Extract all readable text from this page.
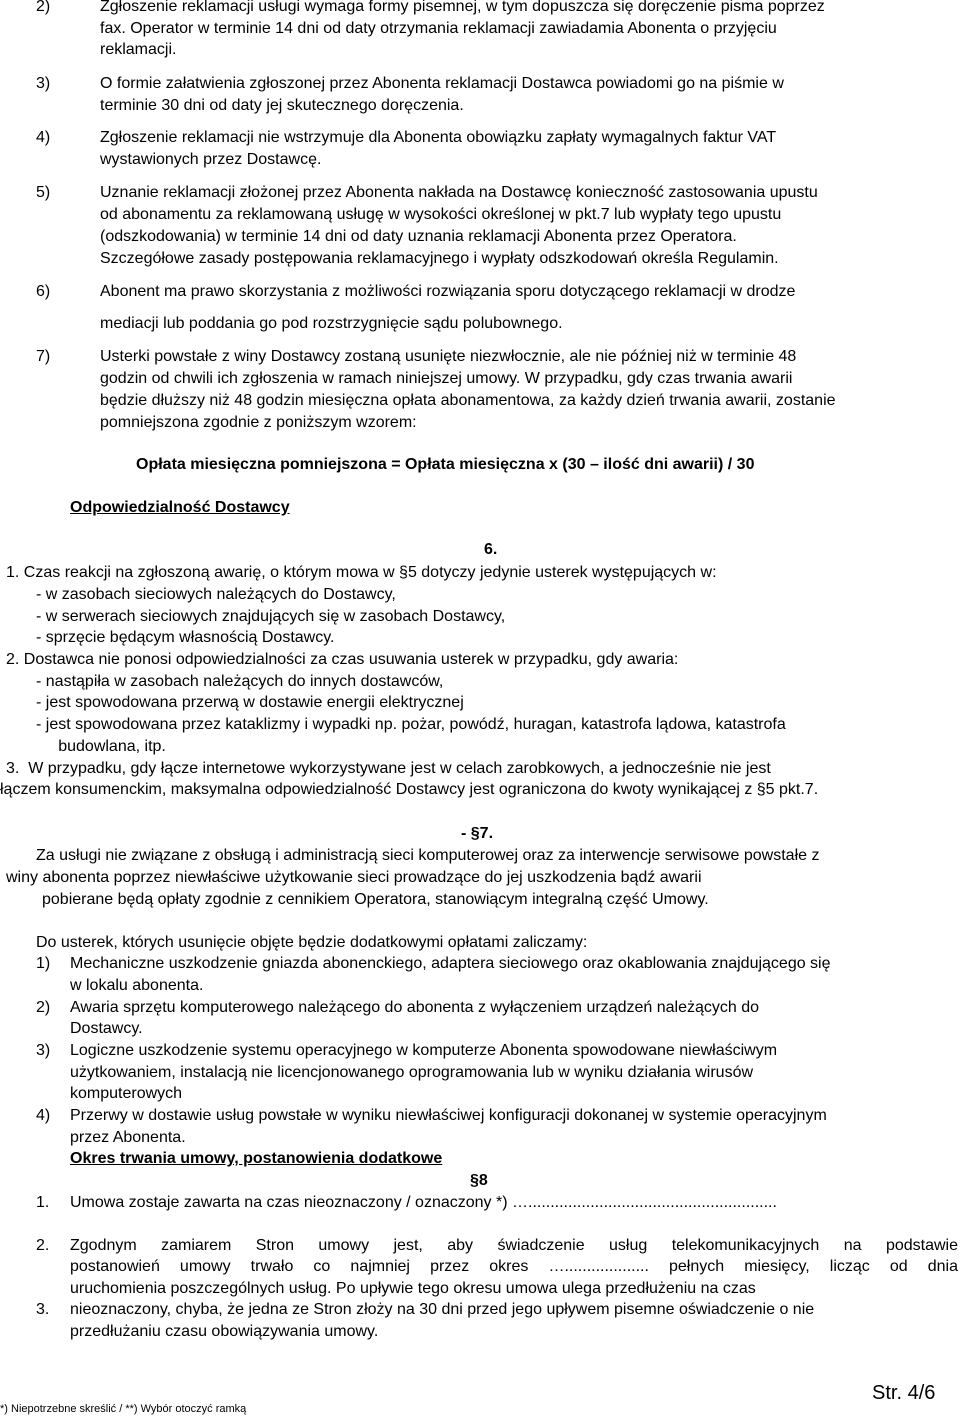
2)	Zgłoszenie reklamacji usługi wymaga formy pisemnej, w tym dopuszcza się doręczenie pisma poprzez
fax. Operator w terminie 14 dni od daty otrzymania reklamacji zawiadamia Abonenta o przyjęciu
reklamacji.
3)	O formie załatwienia zgłoszonej przez Abonenta reklamacji Dostawca powiadomi go na piśmie w
terminie 30 dni od daty jej skutecznego doręczenia.
4)	Zgłoszenie reklamacji nie wstrzymuje dla Abonenta obowiązku zapłaty wymagalnych faktur VAT
wystawionych przez Dostawcę.
5)	Uznanie reklamacji złożonej przez Abonenta nakłada na Dostawcę konieczność zastosowania upustu
od abonamentu za reklamowaną usługę w wysokości określonej w pkt.7 lub wypłaty tego upustu
(odszkodowania) w terminie 14 dni od daty uznania reklamacji Abonenta przez Operatora.
Szczegółowe zasady postępowania reklamacyjnego i wypłaty odszkodowań określa Regulamin.
6)	Abonent ma prawo skorzystania z możliwości rozwiązania sporu dotyczącego reklamacji w drodze
mediacji lub poddania go pod rozstrzygnięcie sądu polubownego.
7)	Usterki powstałe z winy Dostawcy zostaną usunięte niezwłocznie, ale nie później niż w terminie 48
godzin od chwili ich zgłoszenia w ramach niniejszej umowy. W przypadku, gdy czas trwania awarii
będzie dłuższy niż 48 godzin miesięczna opłata abonamentowa, za każdy dzień trwania awarii, zostanie
pomniejszona zgodnie z poniższym wzorem:
Opłata miesięczna pomniejszona = Opłata miesięczna x (30 – ilość dni awarii) / 30
Odpowiedzialność Dostawcy
6.
1. Czas reakcji na zgłoszoną awarię, o którym mowa w §5 dotyczy jedynie usterek występujących w:
- w zasobach sieciowych należących do Dostawcy,
- w serwerach sieciowych znajdujących się w zasobach Dostawcy,
- sprzęcie będącym własnością Dostawcy.
2. Dostawca nie ponosi odpowiedzialności za czas usuwania usterek w przypadku, gdy awaria:
- nastąpiła w zasobach należących do innych dostawców,
- jest spowodowana przerwą w dostawie energii elektrycznej
- jest spowodowana przez kataklizmy i wypadki np. pożar, powódź, huragan, katastrofa lądowa, katastrofa
budowlana, itp.
3.  W przypadku, gdy łącze internetowe wykorzystywane jest w celach zarobkowych, a jednocześnie nie jest
łączem konsumenckim, maksymalna odpowiedzialność Dostawcy jest ograniczona do kwoty wynikającej z §5 pkt.7.
- §7.
Za usługi nie związane z obsługą i administracją sieci komputerowej oraz za interwencje serwisowe powstałe z
winy abonenta poprzez niewłaściwe użytkowanie sieci prowadzące do jej uszkodzenia bądź awarii
pobierane będą opłaty zgodnie z cennikiem Operatora, stanowiącym integralną część Umowy.
Do usterek, których usunięcie objęte będzie dodatkowymi opłatami zaliczamy:
1) Mechaniczne uszkodzenie gniazda abonenckiego, adaptera sieciowego oraz okablowania znajdującego się
w lokalu abonenta.
2) Awaria sprzętu komputerowego należącego do abonenta z wyłączeniem urządzeń należących do
Dostawcy.
3) Logiczne uszkodzenie systemu operacyjnego w komputerze Abonenta spowodowane niewłaściwym
użytkowaniem, instalacją nie licencjonowanego oprogramowania lub w wyniku działania wirusów
komputerowych
4) Przerwy w dostawie usług powstałe w wyniku niewłaściwej konfiguracji dokonanej w systemie operacyjnym
przez Abonenta.
Okres trwania umowy, postanowienia dodatkowe
§8
1. Umowa zostaje zawarta na czas nieoznaczony / oznaczony *) …........................................................
2. Zgodnym zamiarem Stron umowy jest, aby świadczenie usług telekomunikacyjnych na podstawie
postanowień umowy trwało co najmniej przez okres …................... pełnych miesięcy, licząc od dnia
uruchomienia poszczególnych usług. Po upływie tego okresu umowa ulega przedłużeniu na czas
3. nieoznaczony, chyba, że jedna ze Stron złoży na 30 dni przed jego upływem pisemne oświadczenie o nie
przedłużaniu czasu obowiązywania umowy.
*) Niepotrzebne skreślić / **) Wybór otoczyć ramką
Str. 4/6
